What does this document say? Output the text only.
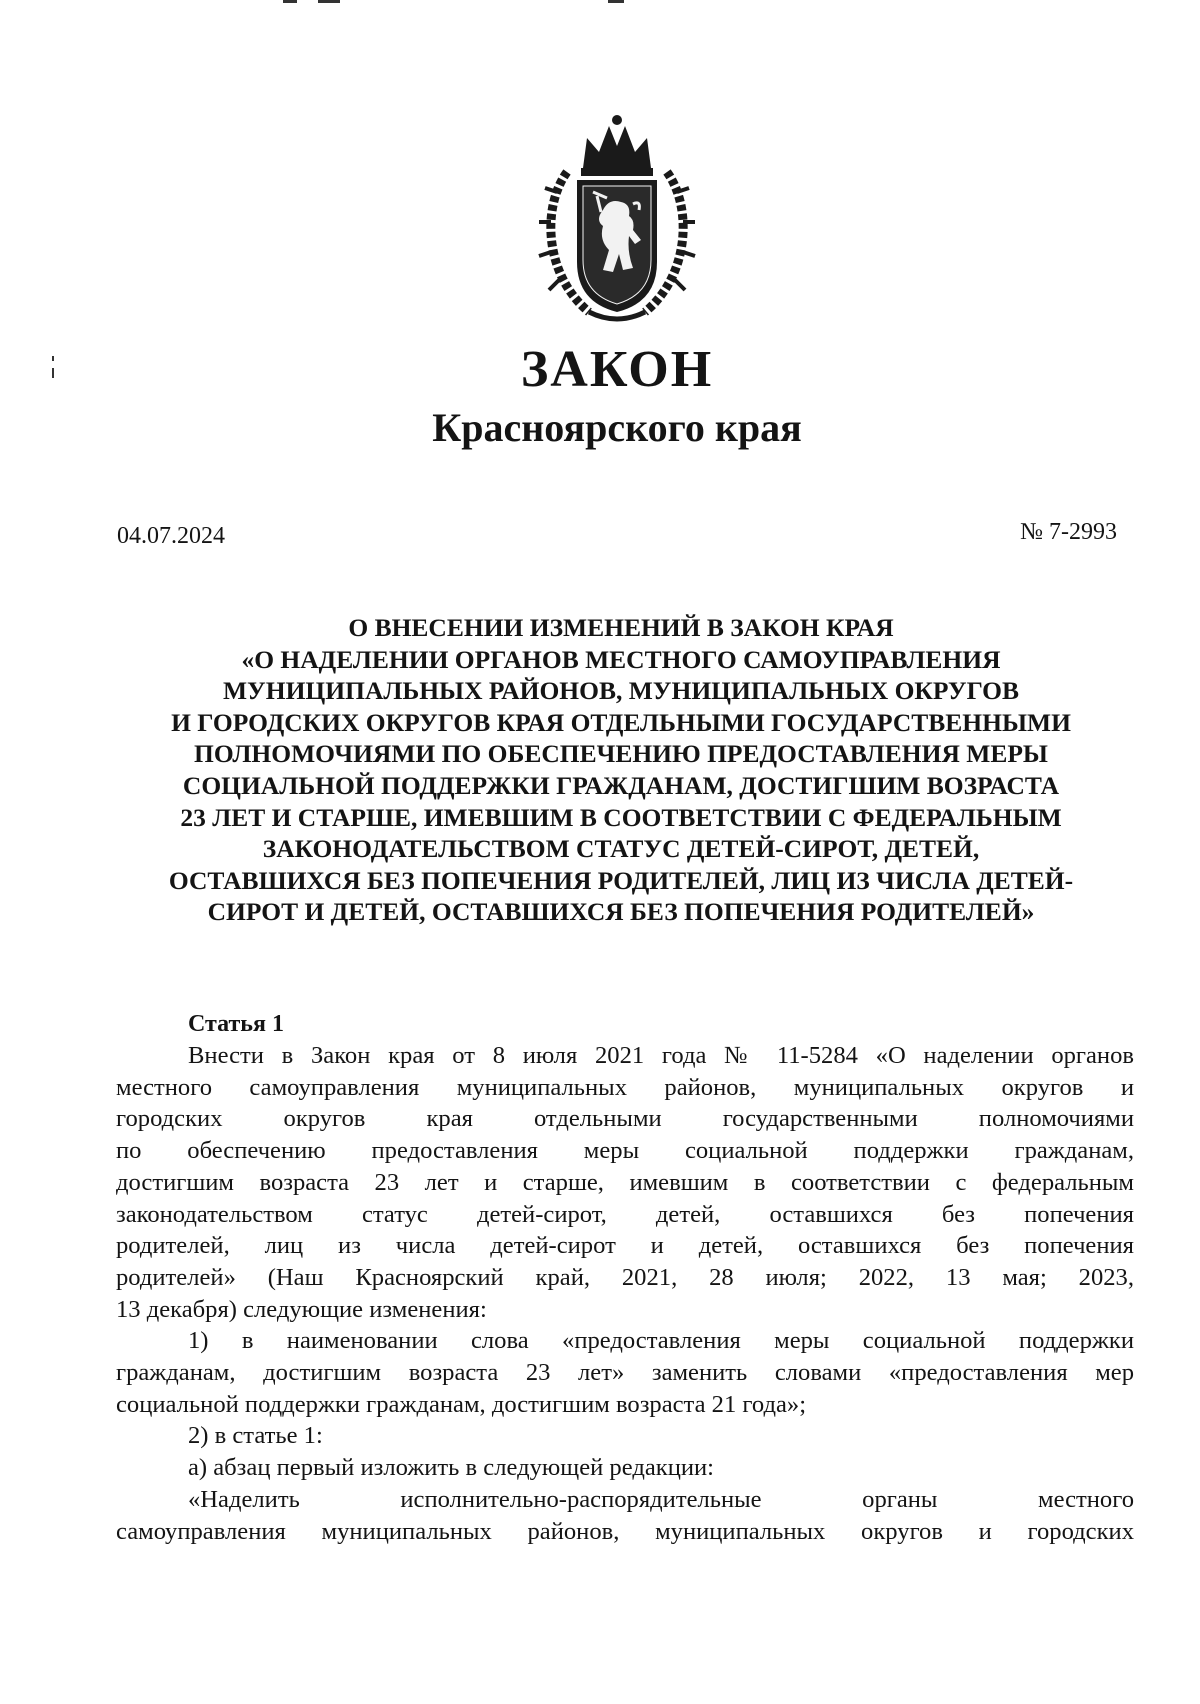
ЗАКОН
Красноярского края
04.07.2024	№ 7-2993
О ВНЕСЕНИИ ИЗМЕНЕНИЙ В ЗАКОН КРАЯ
«О НАДЕЛЕНИИ ОРГАНОВ МЕСТНОГО САМОУПРАВЛЕНИЯ
МУНИЦИПАЛЬНЫХ РАЙОНОВ, МУНИЦИПАЛЬНЫХ ОКРУГОВ
И ГОРОДСКИХ ОКРУГОВ КРАЯ ОТДЕЛЬНЫМИ ГОСУДАРСТВЕННЫМИ
ПОЛНОМОЧИЯМИ ПО ОБЕСПЕЧЕНИЮ ПРЕДОСТАВЛЕНИЯ МЕРЫ
СОЦИАЛЬНОЙ ПОДДЕРЖКИ ГРАЖДАНАМ, ДОСТИГШИМ ВОЗРАСТА
23 ЛЕТ И СТАРШЕ, ИМЕВШИМ В СООТВЕТСТВИИ С ФЕДЕРАЛЬНЫМ
ЗАКОНОДАТЕЛЬСТВОМ СТАТУС ДЕТЕЙ-СИРОТ, ДЕТЕЙ,
ОСТАВШИХСЯ БЕЗ ПОПЕЧЕНИЯ РОДИТЕЛЕЙ, ЛИЦ ИЗ ЧИСЛА ДЕТЕЙ-
СИРОТ И ДЕТЕЙ, ОСТАВШИХСЯ БЕЗ ПОПЕЧЕНИЯ РОДИТЕЛЕЙ»
Статья 1
Внести в Закон края от 8 июля 2021 года № 11-5284 «О наделении органов
местного самоуправления муниципальных районов, муниципальных округов и
городских округов края отдельными государственными полномочиями
по обеспечению предоставления меры социальной поддержки гражданам,
достигшим возраста 23 лет и старше, имевшим в соответствии с федеральным
законодательством статус детей-сирот, детей, оставшихся без попечения
родителей, лиц из числа детей-сирот и детей, оставшихся без попечения
родителей» (Наш Красноярский край, 2021, 28 июля; 2022, 13 мая; 2023,
13 декабря) следующие изменения:
1) в наименовании слова «предоставления меры социальной поддержки
гражданам, достигшим возраста 23 лет» заменить словами «предоставления мер
социальной поддержки гражданам, достигшим возраста 21 года»;
2) в статье 1:
а) абзац первый изложить в следующей редакции:
«Наделить исполнительно-распорядительные органы местного
самоуправления муниципальных районов, муниципальных округов и городских
